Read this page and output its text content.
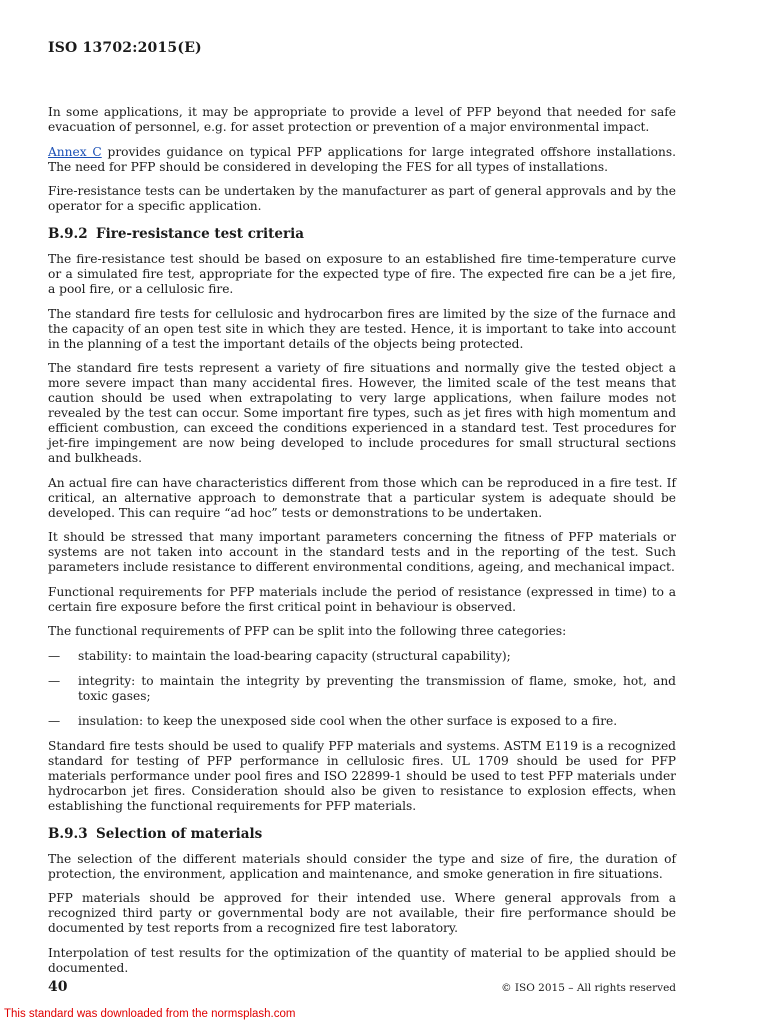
ISO 13702:2015(E)

In some applications, it may be appropriate to provide a level of PFP beyond that needed for safe evacuation of personnel, e.g. for asset protection or prevention of a major environmental impact.

Annex C provides guidance on typical PFP applications for large integrated offshore installations. The need for PFP should be considered in developing the FES for all types of installations.

Fire-resistance tests can be undertaken by the manufacturer as part of general approvals and by the operator for a specific application.

B.9.2 Fire-resistance test criteria

The fire-resistance test should be based on exposure to an established fire time-temperature curve or a simulated fire test, appropriate for the expected type of fire. The expected fire can be a jet fire, a pool fire, or a cellulosic fire.

The standard fire tests for cellulosic and hydrocarbon fires are limited by the size of the furnace and the capacity of an open test site in which they are tested. Hence, it is important to take into account in the planning of a test the important details of the objects being protected.

The standard fire tests represent a variety of fire situations and normally give the tested object a more severe impact than many accidental fires. However, the limited scale of the test means that caution should be used when extrapolating to very large applications, when failure modes not revealed by the test can occur. Some important fire types, such as jet fires with high momentum and efficient combustion, can exceed the conditions experienced in a standard test. Test procedures for jet-fire impingement are now being developed to include procedures for small structural sections and bulkheads.

An actual fire can have characteristics different from those which can be reproduced in a fire test. If critical, an alternative approach to demonstrate that a particular system is adequate should be developed. This can require “ad hoc” tests or demonstrations to be undertaken.

It should be stressed that many important parameters concerning the fitness of PFP materials or systems are not taken into account in the standard tests and in the reporting of the test. Such parameters include resistance to different environmental conditions, ageing, and mechanical impact.

Functional requirements for PFP materials include the period of resistance (expressed in time) to a certain fire exposure before the first critical point in behaviour is observed.

The functional requirements of PFP can be split into the following three categories:

—	stability: to maintain the load-bearing capacity (structural capability);
—	integrity: to maintain the integrity by preventing the transmission of flame, smoke, hot, and toxic gases;
—	insulation: to keep the unexposed side cool when the other surface is exposed to a fire.

Standard fire tests should be used to qualify PFP materials and systems. ASTM E119 is a recognized standard for testing of PFP performance in cellulosic fires. UL 1709 should be used for PFP materials performance under pool fires and ISO 22899-1 should be used to test PFP materials under hydrocarbon jet fires. Consideration should also be given to resistance to explosion effects, when establishing the functional requirements for PFP materials.

B.9.3 Selection of materials

The selection of the different materials should consider the type and size of fire, the duration of protection, the environment, application and maintenance, and smoke generation in fire situations.

PFP materials should be approved for their intended use. Where general approvals from a recognized third party or governmental body are not available, their fire performance should be documented by test reports from a recognized fire test laboratory.

Interpolation of test results for the optimization of the quantity of material to be applied should be documented.

40	© ISO 2015 – All rights reserved
This standard was downloaded from the normsplash.com
